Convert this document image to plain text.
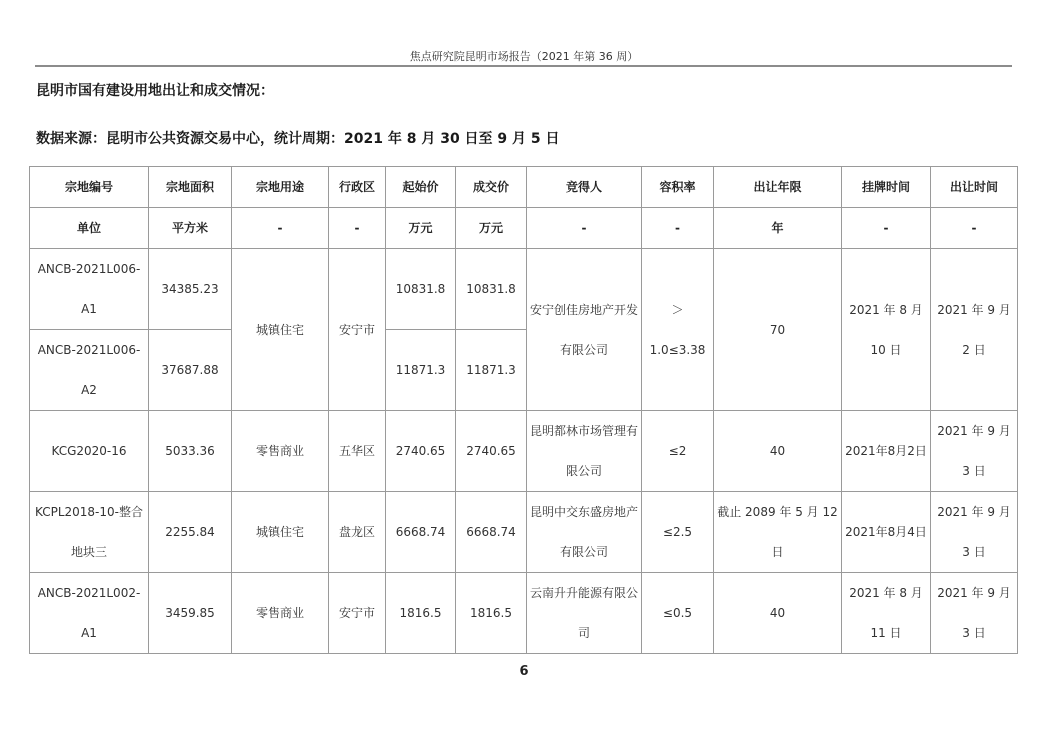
焦点研究院昆明市场报告（2021 年第 36 周）
昆明市国有建设用地出让和成交情况：
数据来源：昆明市公共资源交易中心，统计周期：2021 年 8 月 30 日至 9 月 5 日
宗地编号	宗地面积	宗地用途	行政区	起始价	成交价	竞得人	容积率	出让年限	挂牌时间	出让时间
单位	平方米	-	-	万元	万元	-	-	年	-	-
ANCB-2021L006-A1	34385.23	城镇住宅	安宁市	10831.8	10831.8	安宁创佳房地产开发有限公司	＞1.0≤3.38	70	2021 年 8 月 10 日	2021 年 9 月 2 日
ANCB-2021L006-A2	37687.88			11871.3	11871.3					
KCG2020-16	5033.36	零售商业	五华区	2740.65	2740.65	昆明都林市场管理有限公司	≤2	40	2021年8月2日	2021 年 9 月 3 日
KCPL2018-10-整合地块三	2255.84	城镇住宅	盘龙区	6668.74	6668.74	昆明中交东盛房地产有限公司	≤2.5	截止 2089 年 5 月 12 日	2021年8月4日	2021 年 9 月 3 日
ANCB-2021L002-A1	3459.85	零售商业	安宁市	1816.5	1816.5	云南升升能源有限公司	≤0.5	40	2021 年 8 月 11 日	2021 年 9 月 3 日
6
